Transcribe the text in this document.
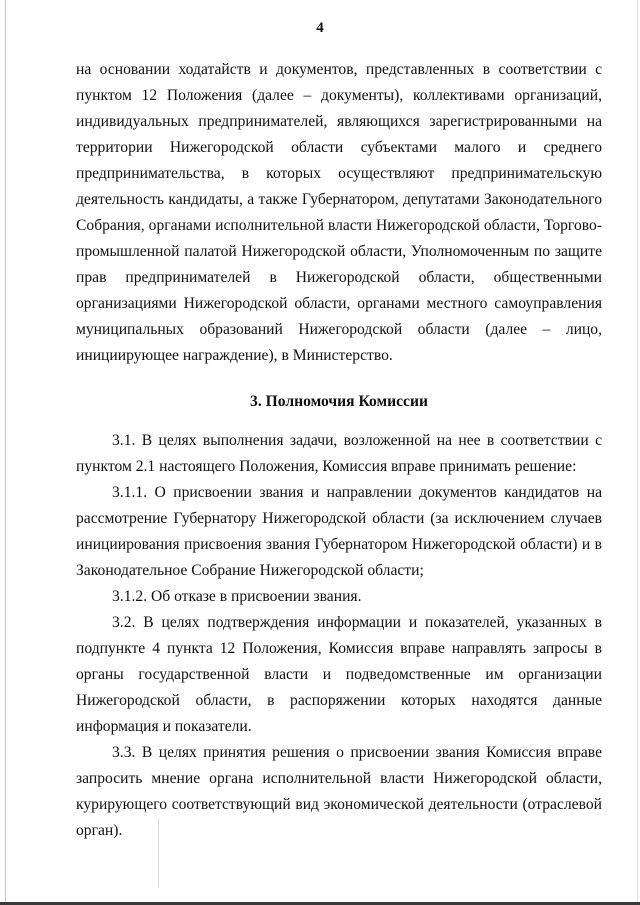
4

на основании ходатайств и документов, представленных в соответствии с пунктом 12 Положения (далее – документы), коллективами организаций, индивидуальных предпринимателей, являющихся зарегистрированными на территории Нижегородской области субъектами малого и среднего предпринимательства, в которых осуществляют предпринимательскую деятельность кандидаты, а также Губернатором, депутатами Законодательного Собрания, органами исполнительной власти Нижегородской области, Торгово-промышленной палатой Нижегородской области, Уполномоченным по защите прав предпринимателей в Нижегородской области, общественными организациями Нижегородской области, органами местного самоуправления муниципальных образований Нижегородской области (далее – лицо, инициирующее награждение), в Министерство.

3. Полномочия Комиссии

3.1. В целях выполнения задачи, возложенной на нее в соответствии с пунктом 2.1 настоящего Положения, Комиссия вправе принимать решение:

3.1.1. О присвоении звания и направлении документов кандидатов на рассмотрение Губернатору Нижегородской области (за исключением случаев инициирования присвоения звания Губернатором Нижегородской области) и в Законодательное Собрание Нижегородской области;

3.1.2. Об отказе в присвоении звания.

3.2. В целях подтверждения информации и показателей, указанных в подпункте 4 пункта 12 Положения, Комиссия вправе направлять запросы в органы государственной власти и подведомственные им организации Нижегородской области, в распоряжении которых находятся данные информация и показатели.

3.3. В целях принятия решения о присвоении звания Комиссия вправе запросить мнение органа исполнительной власти Нижегородской области, курирующего соответствующий вид экономической деятельности (отраслевой орган).
